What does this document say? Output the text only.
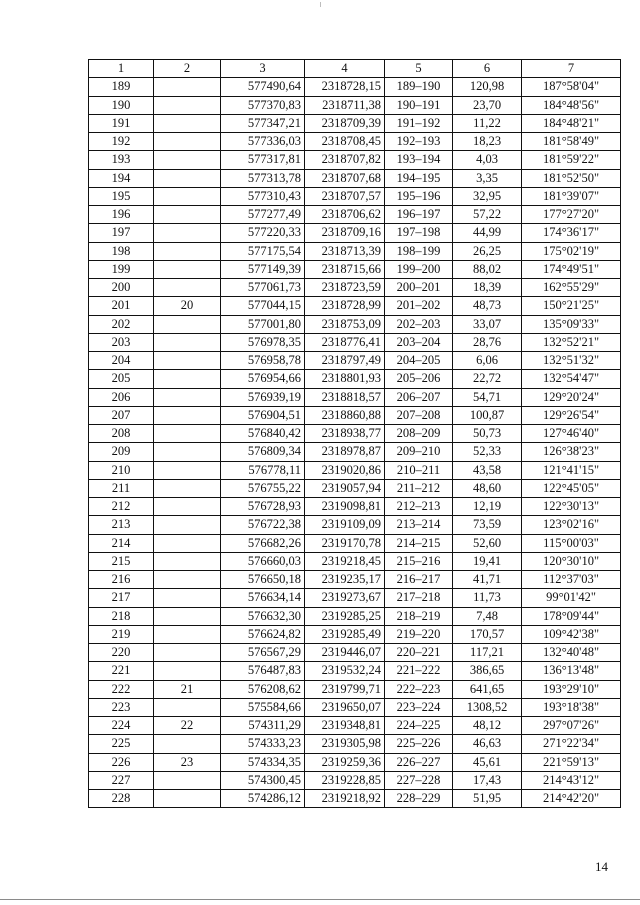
1	2	3	4	5	6	7
189		577490,64	2318728,15	189–190	120,98	187°58'04"
190		577370,83	2318711,38	190–191	23,70	184°48'56"
191		577347,21	2318709,39	191–192	11,22	184°48'21"
192		577336,03	2318708,45	192–193	18,23	181°58'49"
193		577317,81	2318707,82	193–194	4,03	181°59'22"
194		577313,78	2318707,68	194–195	3,35	181°52'50"
195		577310,43	2318707,57	195–196	32,95	181°39'07"
196		577277,49	2318706,62	196–197	57,22	177°27'20"
197		577220,33	2318709,16	197–198	44,99	174°36'17"
198		577175,54	2318713,39	198–199	26,25	175°02'19"
199		577149,39	2318715,66	199–200	88,02	174°49'51"
200		577061,73	2318723,59	200–201	18,39	162°55'29"
201	20	577044,15	2318728,99	201–202	48,73	150°21'25"
202		577001,80	2318753,09	202–203	33,07	135°09'33"
203		576978,35	2318776,41	203–204	28,76	132°52'21"
204		576958,78	2318797,49	204–205	6,06	132°51'32"
205		576954,66	2318801,93	205–206	22,72	132°54'47"
206		576939,19	2318818,57	206–207	54,71	129°20'24"
207		576904,51	2318860,88	207–208	100,87	129°26'54"
208		576840,42	2318938,77	208–209	50,73	127°46'40"
209		576809,34	2318978,87	209–210	52,33	126°38'23"
210		576778,11	2319020,86	210–211	43,58	121°41'15"
211		576755,22	2319057,94	211–212	48,60	122°45'05"
212		576728,93	2319098,81	212–213	12,19	122°30'13"
213		576722,38	2319109,09	213–214	73,59	123°02'16"
214		576682,26	2319170,78	214–215	52,60	115°00'03"
215		576660,03	2319218,45	215–216	19,41	120°30'10"
216		576650,18	2319235,17	216–217	41,71	112°37'03"
217		576634,14	2319273,67	217–218	11,73	99°01'42"
218		576632,30	2319285,25	218–219	7,48	178°09'44"
219		576624,82	2319285,49	219–220	170,57	109°42'38"
220		576567,29	2319446,07	220–221	117,21	132°40'48"
221		576487,83	2319532,24	221–222	386,65	136°13'48"
222	21	576208,62	2319799,71	222–223	641,65	193°29'10"
223		575584,66	2319650,07	223–224	1308,52	193°18'38"
224	22	574311,29	2319348,81	224–225	48,12	297°07'26"
225		574333,23	2319305,98	225–226	46,63	271°22'34"
226	23	574334,35	2319259,36	226–227	45,61	221°59'13"
227		574300,45	2319228,85	227–228	17,43	214°43'12"
228		574286,12	2319218,92	228–229	51,95	214°42'20"
14
